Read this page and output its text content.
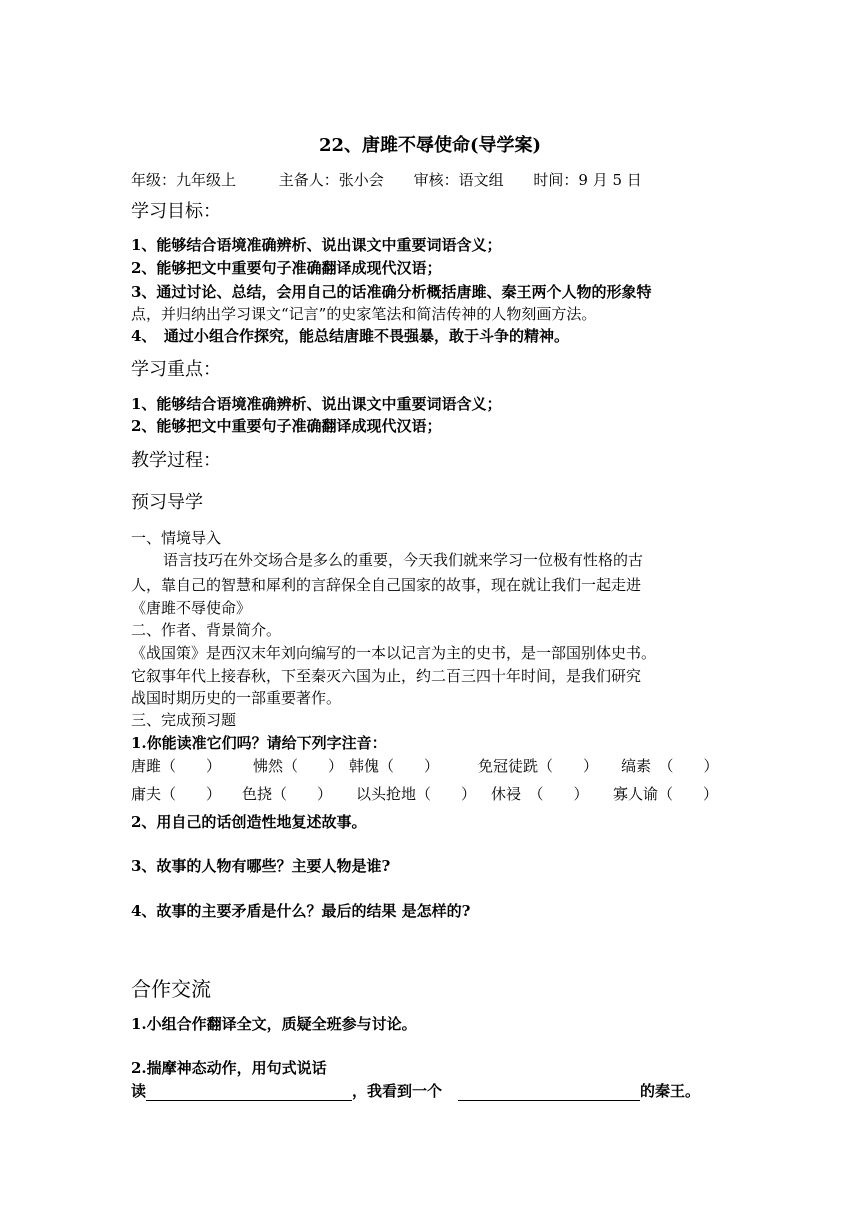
22、唐雎不辱使命(导学案)
年级：九年级上	主备人：张小会 审核：语文组 时间：9 月 5 日
学习目标：
1、能够结合语境准确辨析、说出课文中重要词语含义；
2、能够把文中重要句子准确翻译成现代汉语；
3、通过讨论、总结，会用自己的话准确分析概括唐雎、秦王两个人物的形象特
点，并归纳出学习课文“记言”的史家笔法和简洁传神的人物刻画方法。
4、　通过小组合作探究，能总结唐雎不畏强暴，敢于斗争的精神。
学习重点：
1、能够结合语境准确辨析、说出课文中重要词语含义；
2、能够把文中重要句子准确翻译成现代汉语；
教学过程：
预习导学
一、情境导入
语言技巧在外交场合是多么的重要，今天我们就来学习一位极有性格的古
人，靠自己的智慧和犀利的言辞保全自己国家的故事，现在就让我们一起走进
《唐雎不辱使命》
二、作者、背景简介。
《战国策》是西汉末年刘向编写的一本以记言为主的史书，是一部国别体史书。
它叙事年代上接春秋，下至秦灭六国为止，约二百三四十年时间，是我们研究
战国时期历史的一部重要著作。
三、完成预习题
1.你能读准它们吗？请给下列字注音：
唐雎（　　） 怫然（　　） 韩傀（　　）	免冠徒跣（　　） 缟素　（　　）
庸夫（　　） 色挠（　　） 以头抢地（　　） 休祲　（　　） 寡人谕（　　）
2、用自己的话创造性地复述故事。
3、故事的人物有哪些？主要人物是谁?
4、故事的主要矛盾是什么？最后的结果 是怎样的?
合作交流
1.小组合作翻译全文，质疑全班参与讨论。
2.揣摩神态动作，用句式说话
读	，我看到一个	的秦王。
